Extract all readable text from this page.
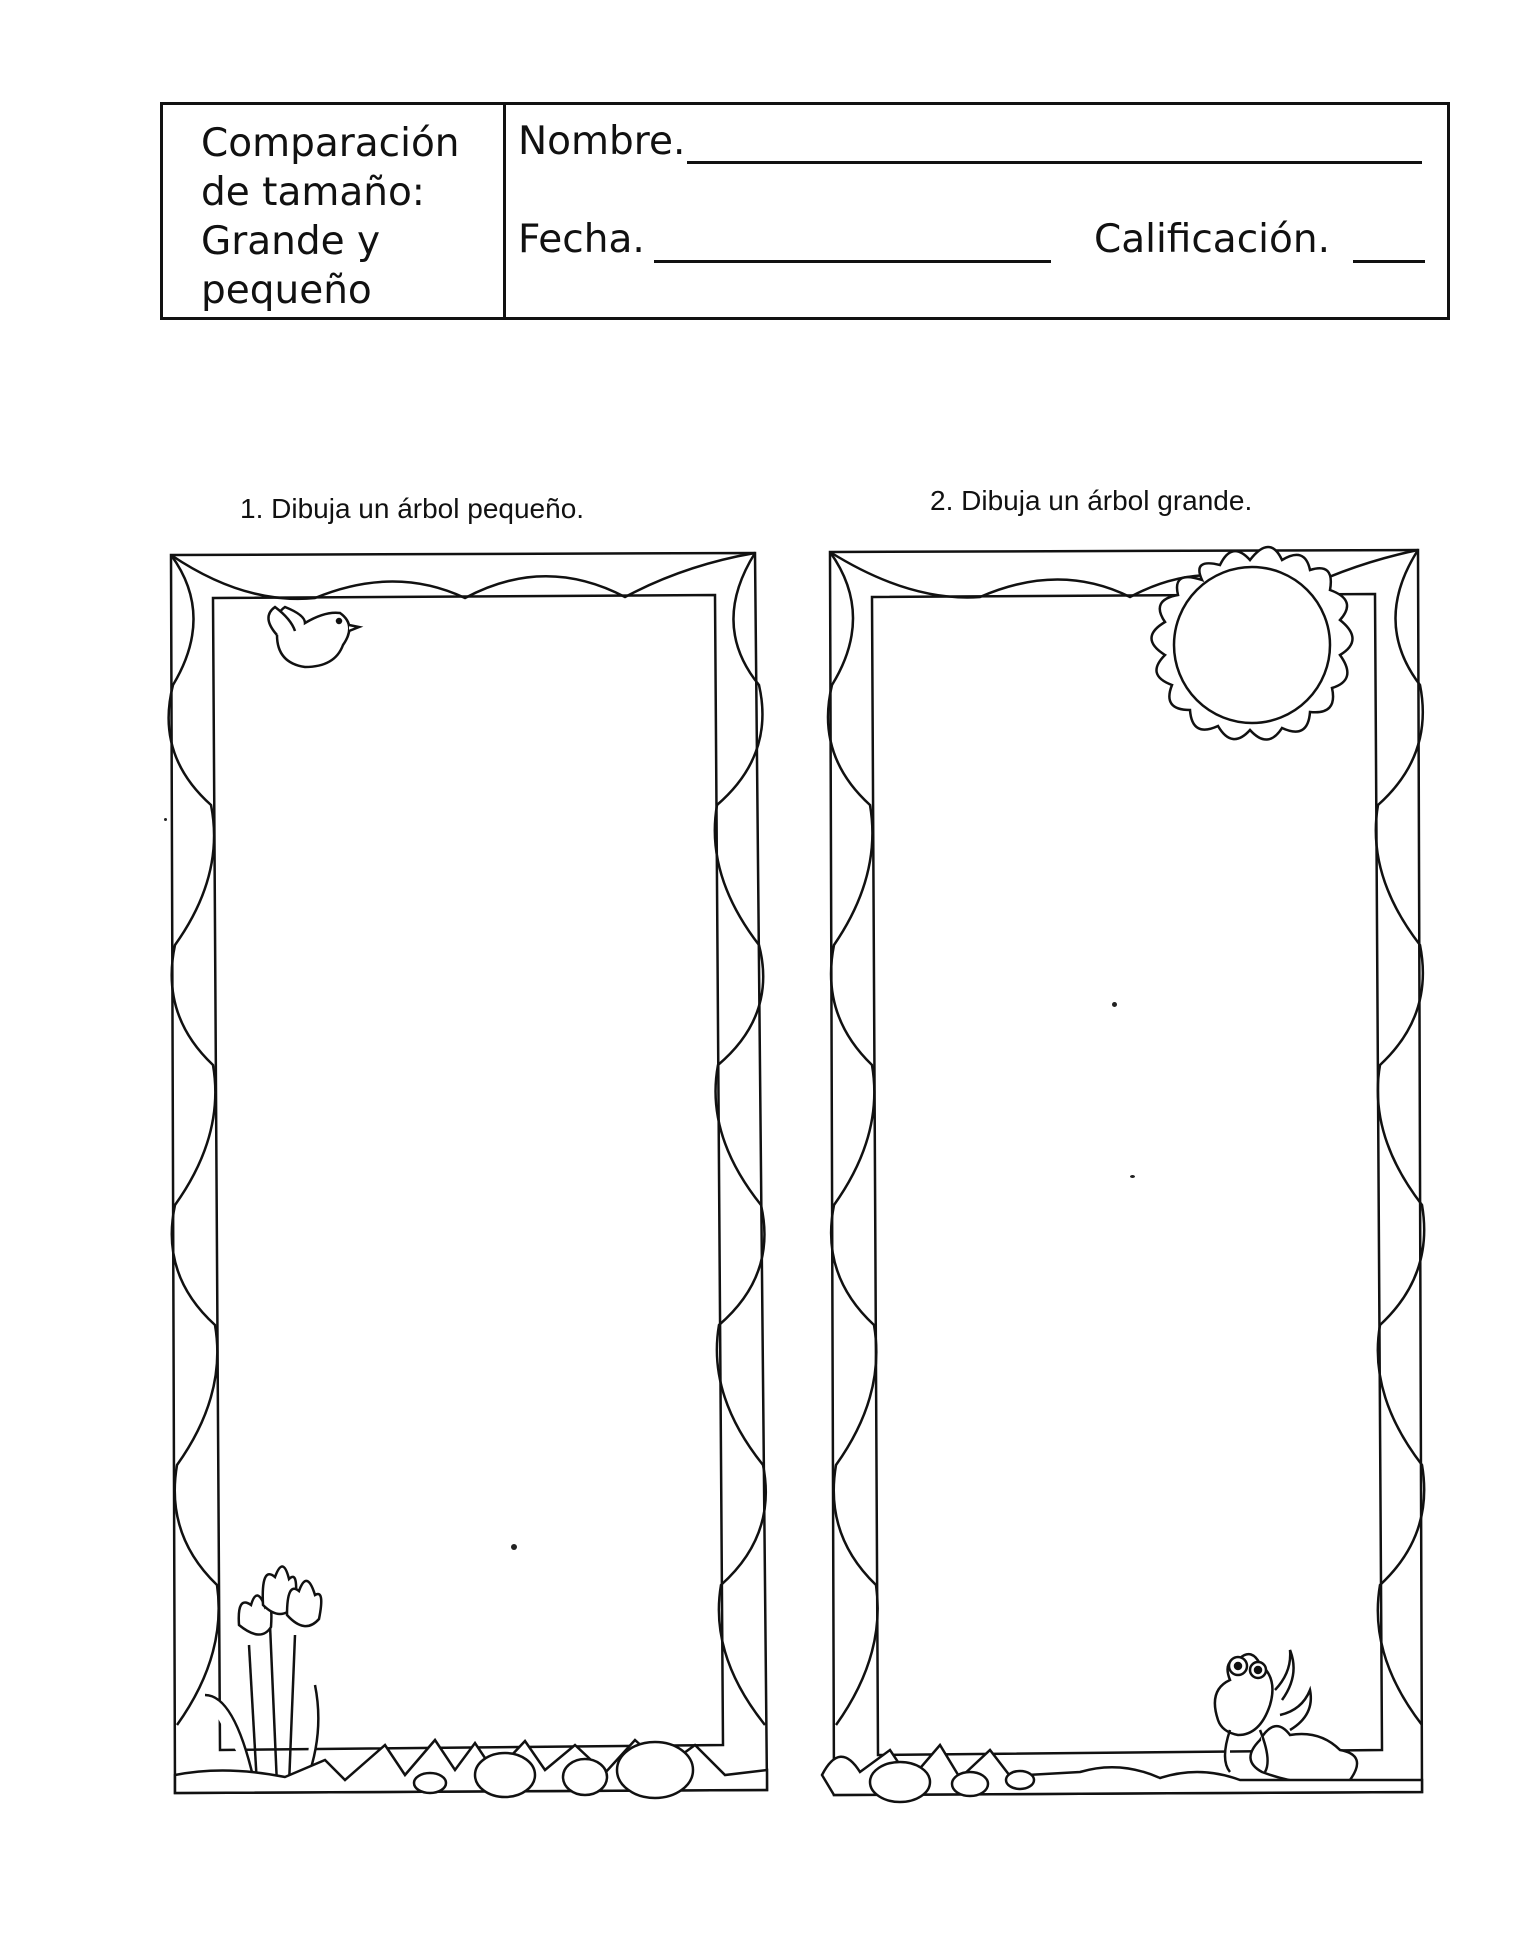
Comparación
de tamaño:
Grande y
pequeño
Nombre.
Fecha.	Calificación.
1. Dibuja un árbol pequeño.	2. Dibuja un árbol grande.
